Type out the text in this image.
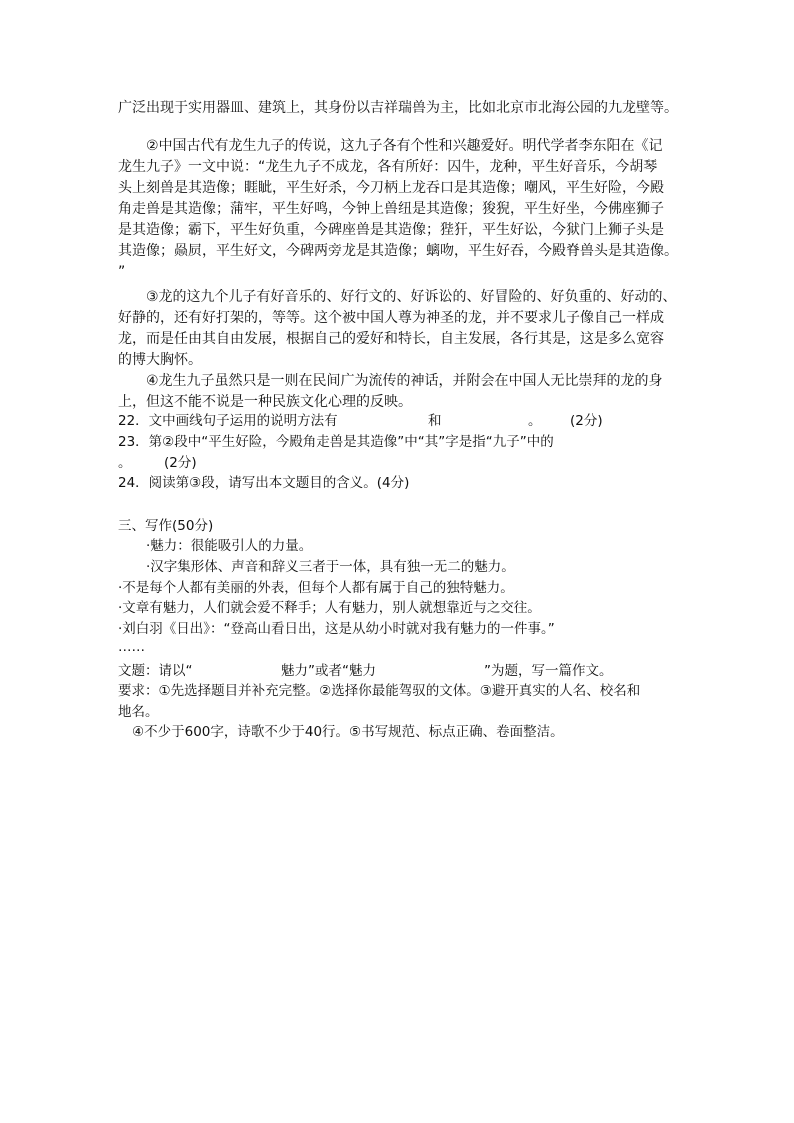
广泛出现于实用器皿、建筑上，其身份以吉祥瑞兽为主，比如北京市北海公园的九龙壁等。
②中国古代有龙生九子的传说，这九子各有个性和兴趣爱好。明代学者李东阳在《记
龙生九子》一文中说：“龙生九子不成龙，各有所好：囚牛，龙种，平生好音乐，今胡琴
头上刻兽是其造像；睚眦，平生好杀，今刀柄上龙吞口是其造像；嘲风，平生好险，今殿
角走兽是其造像；蒲牢，平生好鸣，今钟上兽纽是其造像；狻猊，平生好坐，今佛座狮子
是其造像；霸下，平生好负重，今碑座兽是其造像；狴犴，平生好讼，今狱门上狮子头是
其造像；赑屃，平生好文，今碑两旁龙是其造像；螭吻，平生好吞，今殿脊兽头是其造像。
”
③龙的这九个儿子有好音乐的、好行文的、好诉讼的、好冒险的、好负重的、好动的、
好静的，还有好打架的，等等。这个被中国人尊为神圣的龙，并不要求儿子像自己一样成
龙，而是任由其自由发展，根据自己的爱好和特长，自主发展，各行其是，这是多么宽容
的博大胸怀。
④龙生九子虽然只是一则在民间广为流传的神话，并附会在中国人无比崇拜的龙的身
上，但这不能不说是一种民族文化心理的反映。
22．文中画线句子运用的说明方法有	和	。 (2分)
23．第②段中“平生好险，今殿角走兽是其造像”中“其”字是指“九子”中的
。 (2分)
24．阅读第③段，请写出本文题目的含义。(4分)
三、写作(50分)
·魅力：很能吸引人的力量。
·汉字集形体、声音和辞义三者于一体，具有独一无二的魅力。
·不是每个人都有美丽的外表，但每个人都有属于自己的独特魅力。
·文章有魅力，人们就会爱不释手；人有魅力，别人就想靠近与之交往。
·刘白羽《日出》：“登高山看日出，这是从幼小时就对我有魅力的一件事。”
……
文题：请以“	魅力”或者“魅力	”为题，写一篇作文。
要求：①先选择题目并补充完整。②选择你最能驾驭的文体。③避开真实的人名、校名和
地名。
④不少于600字，诗歌不少于40行。⑤书写规范、标点正确、卷面整洁。
